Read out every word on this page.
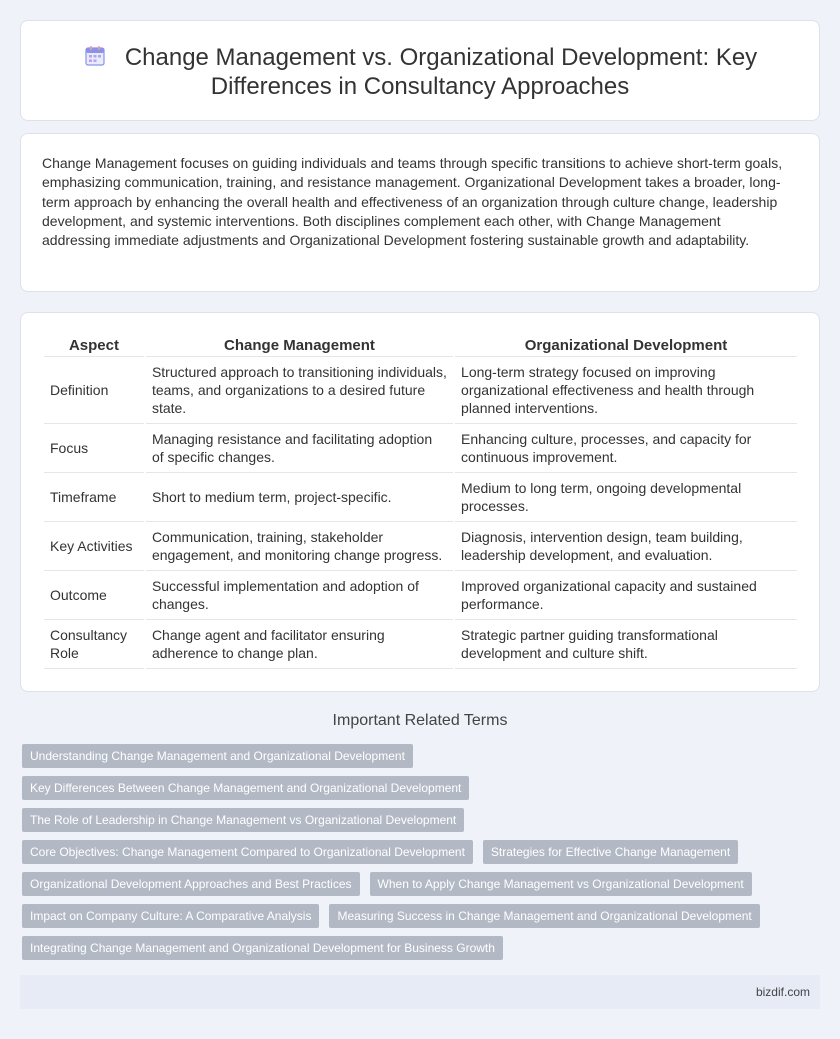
Change Management vs. Organizational Development: Key Differences in Consultancy Approaches

Change Management focuses on guiding individuals and teams through specific transitions to achieve short-term goals, emphasizing communication, training, and resistance management. Organizational Development takes a broader, long-term approach by enhancing the overall health and effectiveness of an organization through culture change, leadership development, and systemic interventions. Both disciplines complement each other, with Change Management addressing immediate adjustments and Organizational Development fostering sustainable growth and adaptability.

Aspect	Change Management	Organizational Development
Definition	Structured approach to transitioning individuals, teams, and organizations to a desired future state.	Long-term strategy focused on improving organizational effectiveness and health through planned interventions.
Focus	Managing resistance and facilitating adoption of specific changes.	Enhancing culture, processes, and capacity for continuous improvement.
Timeframe	Short to medium term, project-specific.	Medium to long term, ongoing developmental processes.
Key Activities	Communication, training, stakeholder engagement, and monitoring change progress.	Diagnosis, intervention design, team building, leadership development, and evaluation.
Outcome	Successful implementation and adoption of changes.	Improved organizational capacity and sustained performance.
Consultancy Role	Change agent and facilitator ensuring adherence to change plan.	Strategic partner guiding transformational development and culture shift.
Important Related Terms
Understanding Change Management and Organizational Development
Key Differences Between Change Management and Organizational Development
The Role of Leadership in Change Management vs Organizational Development
Core Objectives: Change Management Compared to Organizational Development	Strategies for Effective Change Management
Organizational Development Approaches and Best Practices	When to Apply Change Management vs Organizational Development
Impact on Company Culture: A Comparative Analysis	Measuring Success in Change Management and Organizational Development
Integrating Change Management and Organizational Development for Business Growth
bizdif.com
